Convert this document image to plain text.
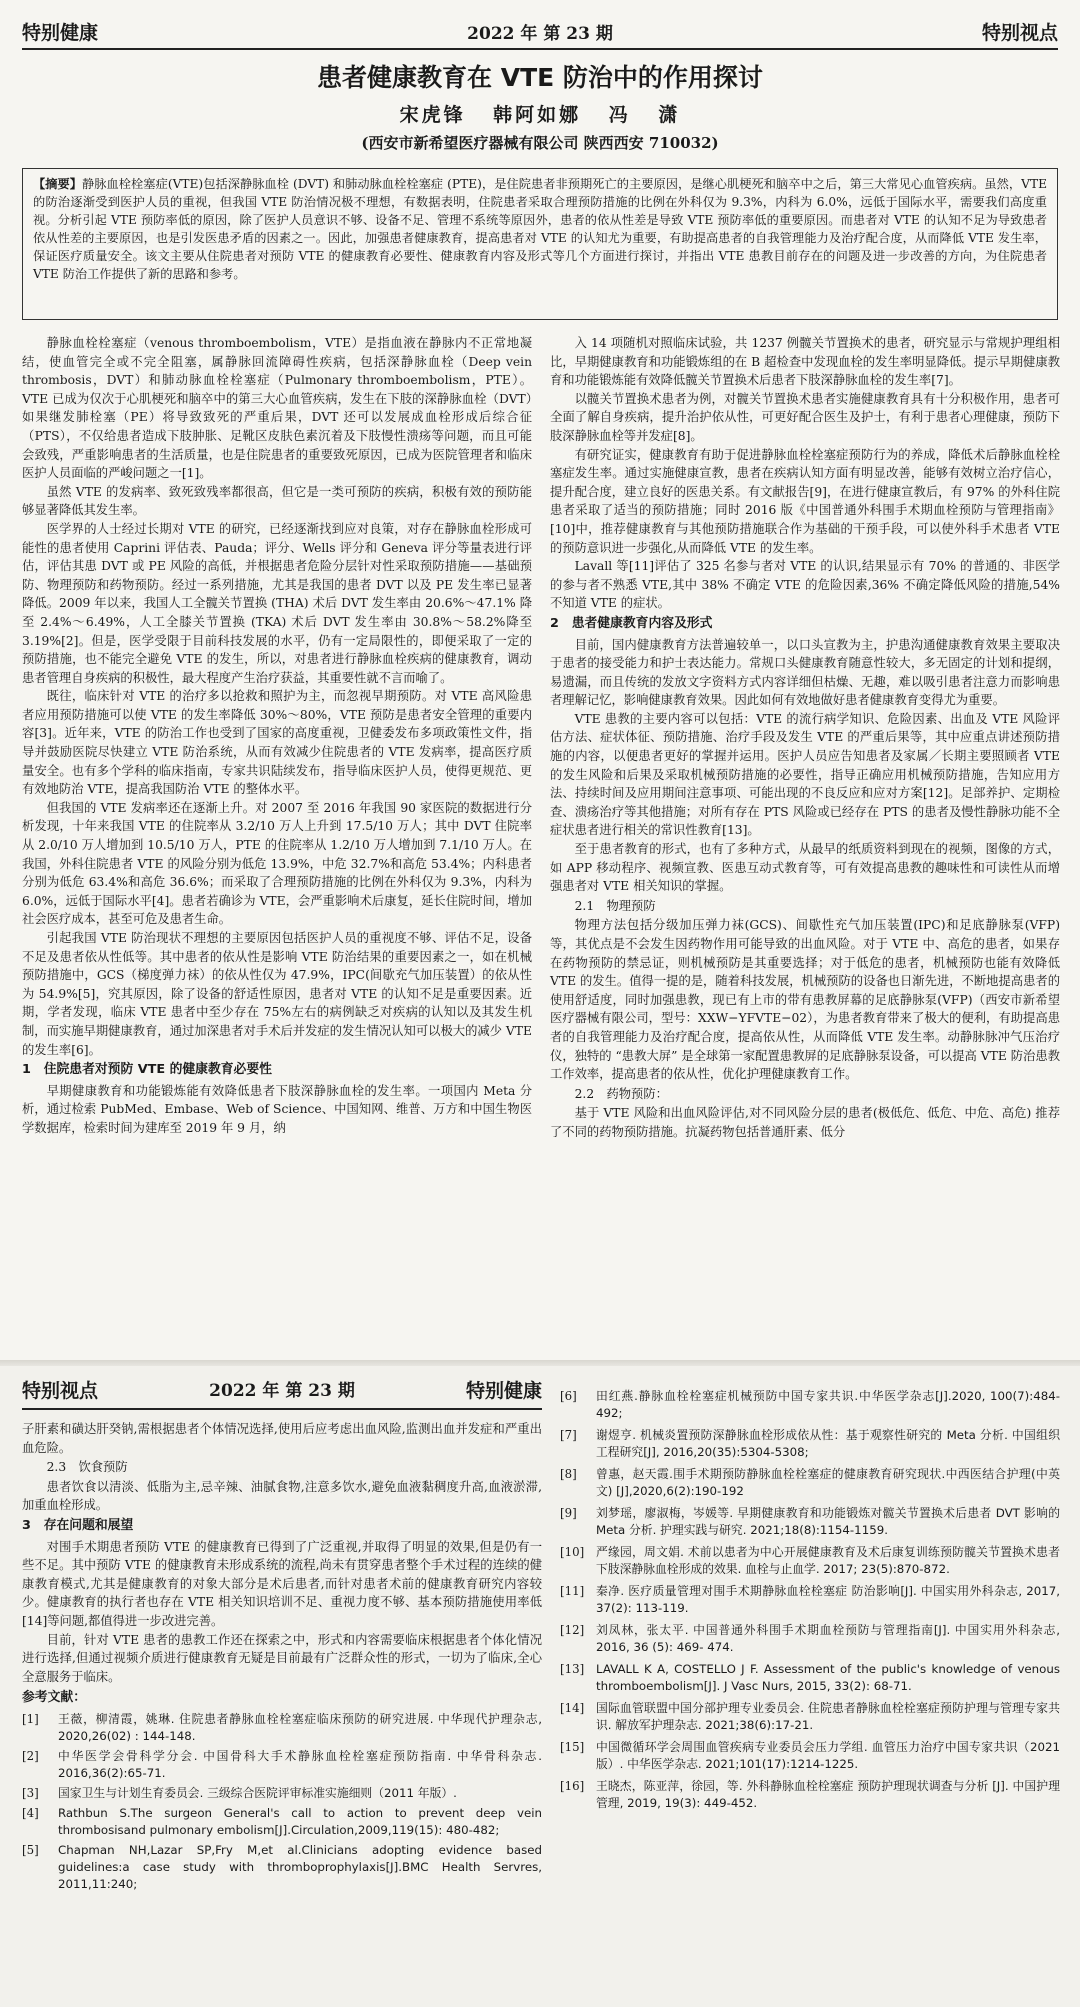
特别健康	2022 年 第 23 期	特别视点
患者健康教育在 VTE 防治中的作用探讨
宋虎锋 韩阿如娜 冯 潇
(西安市新希望医疗器械有限公司 陕西西安 710032)
【摘要】静脉血栓栓塞症(VTE)包括深静脉血栓 (DVT) 和肺动脉血栓栓塞症 (PTE)，是住院患者非预期死亡的主要原因，是继心肌梗死和脑卒中之后，第三大常见心血管疾病。虽然，VTE 的防治逐渐受到医护人员的重视，但我国 VTE 防治情况极不理想，有数据表明，住院患者采取合理预防措施的比例在外科仅为 9.3%，内科为 6.0%，远低于国际水平，需要我们高度重视。分析引起 VTE 预防率低的原因，除了医护人员意识不够、设备不足、管理不系统等原因外，患者的依从性差是导致 VTE 预防率低的重要原因。而患者对 VTE 的认知不足为导致患者依从性差的主要原因，也是引发医患矛盾的因素之一。因此，加强患者健康教育，提高患者对 VTE 的认知尤为重要，有助提高患者的自我管理能力及治疗配合度，从而降低 VTE 发生率，保证医疗质量安全。该文主要从住院患者对预防 VTE 的健康教育必要性、健康教育内容及形式等几个方面进行探讨，并指出 VTE 患教目前存在的问题及进一步改善的方向，为住院患者 VTE 防治工作提供了新的思路和参考。

静脉血栓栓塞症（venous thromboembolism，VTE）是指血液在静脉内不正常地凝结，使血管完全或不完全阻塞，属静脉回流障碍性疾病，包括深静脉血栓（Deep vein thrombosis，DVT）和肺动脉血栓栓塞症（Pulmonary thromboembolism，PTE）。VTE 已成为仅次于心肌梗死和脑卒中的第三大心血管疾病，发生在下肢的深静脉血栓（DVT）如果继发肺栓塞（PE）将导致致死的严重后果，DVT 还可以发展成血栓形成后综合征（PTS），不仅给患者造成下肢肿胀、足靴区皮肤色素沉着及下肢慢性溃疡等问题，而且可能会致残，严重影响患者的生活质量，也是住院患者的重要致死原因，已成为医院管理者和临床医护人员面临的严峻问题之一[1]。

虽然 VTE 的发病率、致死致残率都很高，但它是一类可预防的疾病，积极有效的预防能够显著降低其发生率。

医学界的人士经过长期对 VTE 的研究，已经逐渐找到应对良策，对存在静脉血栓形成可能性的患者使用 Caprini 评估表、Pauda；评分、Wells 评分和 Geneva 评分等量表进行评估，评估其患 DVT 或 PE 风险的高低，并根据患者危险分层针对性采取预防措施——基础预防、物理预防和药物预防。经过一系列措施，尤其是我国的患者 DVT 以及 PE 发生率已显著降低。2009 年以来，我国人工全髋关节置换 (THA) 术后 DVT 发生率由 20.6%～47.1% 降至 2.4%～6.49%，人工全膝关节置换 (TKA) 术后 DVT 发生率由 30.8%～58.2%降至 3.19%[2]。但是，医学受限于目前科技发展的水平，仍有一定局限性的，即便采取了一定的预防措施，也不能完全避免 VTE 的发生，所以，对患者进行静脉血栓疾病的健康教育，调动患者管理自身疾病的积极性，最大程度产生治疗获益，其重要性就不言而喻了。

既往，临床针对 VTE 的治疗多以抢救和照护为主，而忽视早期预防。对 VTE 高风险患者应用预防措施可以使 VTE 的发生率降低 30%～80%，VTE 预防是患者安全管理的重要内容[3]。近年来，VTE 的防治工作也受到了国家的高度重视，卫健委发布多项政策性文件，指导并鼓励医院尽快建立 VTE 防治系统，从而有效减少住院患者的 VTE 发病率，提高医疗质量安全。也有多个学科的临床指南，专家共识陆续发布，指导临床医护人员，使得更规范、更有效地防治 VTE，提高我国防治 VTE 的整体水平。

但我国的 VTE 发病率还在逐渐上升。对 2007 至 2016 年我国 90 家医院的数据进行分析发现，十年来我国 VTE 的住院率从 3.2/10 万人上升到 17.5/10 万人；其中 DVT 住院率从 2.0/10 万人增加到 10.5/10 万人，PTE 的住院率从 1.2/10 万人增加到 7.1/10 万人。在我国，外科住院患者 VTE 的风险分别为低危 13.9%，中危 32.7%和高危 53.4%；内科患者分别为低危 63.4%和高危 36.6%；而采取了合理预防措施的比例在外科仅为 9.3%，内科为 6.0%，远低于国际水平[4]。患者若确诊为 VTE，会严重影响术后康复，延长住院时间，增加社会医疗成本，甚至可危及患者生命。

引起我国 VTE 防治现状不理想的主要原因包括医护人员的重视度不够、评估不足，设备不足及患者依从性低等。其中患者的依从性是影响 VTE 防治结果的重要因素之一，如在机械预防措施中，GCS（梯度弹力袜）的依从性仅为 47.9%，IPC(间歇充气加压装置）的依从性为 54.9%[5]，究其原因，除了设备的舒适性原因，患者对 VTE 的认知不足是重要因素。近期，学者发现，临床 VTE 患者中至少存在 75%左右的病例缺乏对疾病的认知以及其发生机制，而实施早期健康教育，通过加深患者对手术后并发症的发生情况认知可以极大的减少 VTE 的发生率[6]。

1　住院患者对预防 VTE 的健康教育必要性

早期健康教育和功能锻炼能有效降低患者下肢深静脉血栓的发生率。一项国内 Meta 分析，通过检索 PubMed、Embase、Web of Science、中国知网、维普、万方和中国生物医学数据库，检索时间为建库至 2019 年 9 月，纳

入 14 项随机对照临床试验，共 1237 例髋关节置换术的患者，研究显示与常规护理组相比，早期健康教育和功能锻炼组的在 B 超检查中发现血栓的发生率明显降低。提示早期健康教育和功能锻炼能有效降低髋关节置换术后患者下肢深静脉血栓的发生率[7]。

以髋关节置换术患者为例，对髋关节置换术患者实施健康教育具有十分积极作用，患者可全面了解自身疾病，提升治护依从性，可更好配合医生及护士，有利于患者心理健康，预防下肢深静脉血栓等并发症[8]。

有研究证实，健康教育有助于促进静脉血栓栓塞症预防行为的养成，降低术后静脉血栓栓塞症发生率。通过实施健康宣教，患者在疾病认知方面有明显改善，能够有效树立治疗信心，提升配合度，建立良好的医患关系。有文献报告[9]，在进行健康宣教后，有 97% 的外科住院患者采取了适当的预防措施；同时 2016 版《中国普通外科围手术期血栓预防与管理指南》[10]中，推荐健康教育与其他预防措施联合作为基础的干预手段，可以使外科手术患者 VTE 的预防意识进一步强化,从而降低 VTE 的发生率。

Lavall 等[11]评估了 325 名参与者对 VTE 的认识,结果显示有 70% 的普通的、非医学的参与者不熟悉 VTE,其中 38% 不确定 VTE 的危险因素,36% 不确定降低风险的措施,54% 不知道 VTE 的症状。

2　患者健康教育内容及形式

目前，国内健康教育方法普遍较单一，以口头宣教为主，护患沟通健康教育效果主要取决于患者的接受能力和护士表达能力。常规口头健康教育随意性较大，多无固定的计划和提纲，易遗漏，而且传统的发放文字资料方式内容详细但枯燥、无趣，难以吸引患者注意力而影响患者理解记忆，影响健康教育效果。因此如何有效地做好患者健康教育变得尤为重要。

VTE 患教的主要内容可以包括：VTE 的流行病学知识、危险因素、出血及 VTE 风险评估方法、症状体征、预防措施、治疗手段及发生 VTE 的严重后果等，其中应重点讲述预防措施的内容，以便患者更好的掌握并运用。医护人员应告知患者及家属／长期主要照顾者 VTE 的发生风险和后果及采取机械预防措施的必要性，指导正确应用机械预防措施，告知应用方法、持续时间及应用期间注意事项、可能出现的不良反应和应对方案[12]。足部养护、定期检查、溃疡治疗等其他措施；对所有存在 PTS 风险或已经存在 PTS 的患者及慢性静脉功能不全症状患者进行相关的常识性教育[13]。

至于患者教育的形式，也有了多种方式，从最早的纸质资料到现在的视频，图像的方式，如 APP 移动程序、视频宣教、医患互动式教育等，可有效提高患教的趣味性和可读性从而增强患者对 VTE 相关知识的掌握。

2.1　物理预防

物理方法包括分级加压弹力袜(GCS)、间歇性充气加压装置(IPC)和足底静脉泵(VFP) 等，其优点是不会发生因药物作用可能导致的出血风险。对于 VTE 中、高危的患者，如果存在药物预防的禁忌证，则机械预防是其重要选择；对于低危的患者，机械预防也能有效降低 VTE 的发生。值得一提的是，随着科技发展，机械预防的设备也日渐先进，不断地提高患者的使用舒适度，同时加强患教，现已有上市的带有患教屏幕的足底静脉泵(VFP)（西安市新希望医疗器械有限公司，型号：XXW−YFVTE−02），为患者教育带来了极大的便利，有助提高患者的自我管理能力及治疗配合度，提高依从性，从而降低 VTE 发生率。动静脉脉冲气压治疗仪，独特的 “患教大屏” 是全球第一家配置患教屏的足底静脉泵设备，可以提高 VTE 防治患教工作效率，提高患者的依从性，优化护理健康教育工作。

2.2　药物预防：

基于 VTE 风险和出血风险评估,对不同风险分层的患者(极低危、低危、中危、高危) 推荐了不同的药物预防措施。抗凝药物包括普通肝素、低分

特别视点	2022 年 第 23 期	特别健康

子肝素和磺达肝癸钠,需根据患者个体情况选择,使用后应考虑出血风险,监测出血并发症和严重出血危险。

2.3　饮食预防

患者饮食以清淡、低脂为主,忌辛辣、油腻食物,注意多饮水,避免血液黏稠度升高,血液淤滞,加重血栓形成。

3　存在问题和展望

对围手术期患者预防 VTE 的健康教育已得到了广泛重视,并取得了明显的效果,但是仍有一些不足。其中预防 VTE 的健康教育未形成系统的流程,尚未有贯穿患者整个手术过程的连续的健康教育模式,尤其是健康教育的对象大部分是术后患者,而针对患者术前的健康教育研究内容较少。健康教育的执行者也存在 VTE 相关知识培训不足、重视力度不够、基本预防措施使用率低[14]等问题,都值得进一步改进完善。

目前，针对 VTE 患者的患教工作还在探索之中，形式和内容需要临床根据患者个体化情况进行选择,但通过视频介质进行健康教育无疑是目前最有广泛群众性的形式，一切为了临床,全心全意服务于临床。

参考文献：
[1]	王薇，柳清霞，姚琳. 住院患者静脉血栓栓塞症临床预防的研究进展. 中华现代护理杂志, 2020,26(02) : 144-148.
[2]	中华医学会骨科学分会. 中国骨科大手术静脉血栓栓塞症预防指南. 中华骨科杂志. 2016,36(2):65-71.
[3]	国家卫生与计划生育委员会. 三级综合医院评审标准实施细则（2011 年版）.
[4]	Rathbun S.The surgeon General's call to action to prevent deep vein thrombosisand pulmonary embolism[J].Circulation,2009,119(15): 480-482;
[5]	Chapman NH,Lazar SP,Fry M,et al.Clinicians adopting evidence based guidelines:a case study with thromboprophylaxis[J].BMC Health Servres, 2011,11:240;
[6]	田红燕.静脉血栓栓塞症机械预防中国专家共识.中华医学杂志[J].2020, 100(7):484-492;
[7]	谢煜亨. 机械炎置预防深静脉血栓形成依从性：基于观察性研究的 Meta 分析. 中国组织工程研究[J], 2016,20(35):5304-5308;
[8]	曾惠，赵天霞.围手术期预防静脉血栓栓塞症的健康教育研究现状.中西医结合护理(中英文) [J],2020,6(2):190-192
[9]	刘梦瑶，廖淑梅，岑媛等. 早期健康教育和功能锻炼对髋关节置换术后患者 DVT 影响的 Meta 分析. 护理实践与研究. 2021;18(8):1154-1159.
[10] 严缘园，周文娟. 术前以患者为中心开展健康教育及术后康复训练预防髋关节置换术患者下肢深静脉血栓形成的效果. 血栓与止血学. 2017; 23(5):870-872.
[11] 秦净. 医疗质量管理对围手术期静脉血栓栓塞症 防治影响[J]. 中国实用外科杂志, 2017, 37(2): 113-119.
[12] 刘凤林，张太平. 中国普通外科围手术期血栓预防与管理指南[J]. 中国实用外科杂志, 2016, 36 (5): 469- 474.
[13] LAVALL K A, COSTELLO J F. Assessment of the public's knowledge of venous thromboembolism[J]. J Vasc Nurs, 2015, 33(2): 68-71.
[14] 国际血管联盟中国分部护理专业委员会. 住院患者静脉血栓栓塞症预防护理与管理专家共识. 解放军护理杂志. 2021;38(6):17-21.
[15] 中国微循环学会周围血管疾病专业委员会压力学组. 血管压力治疗中国专家共识（2021 版）. 中华医学杂志. 2021;101(17):1214-1225.
[16] 王晓杰，陈亚萍，徐园，等. 外科静脉血栓栓塞症 预防护理现状调查与分析 [J]. 中国护理管理, 2019, 19(3): 449-452.
